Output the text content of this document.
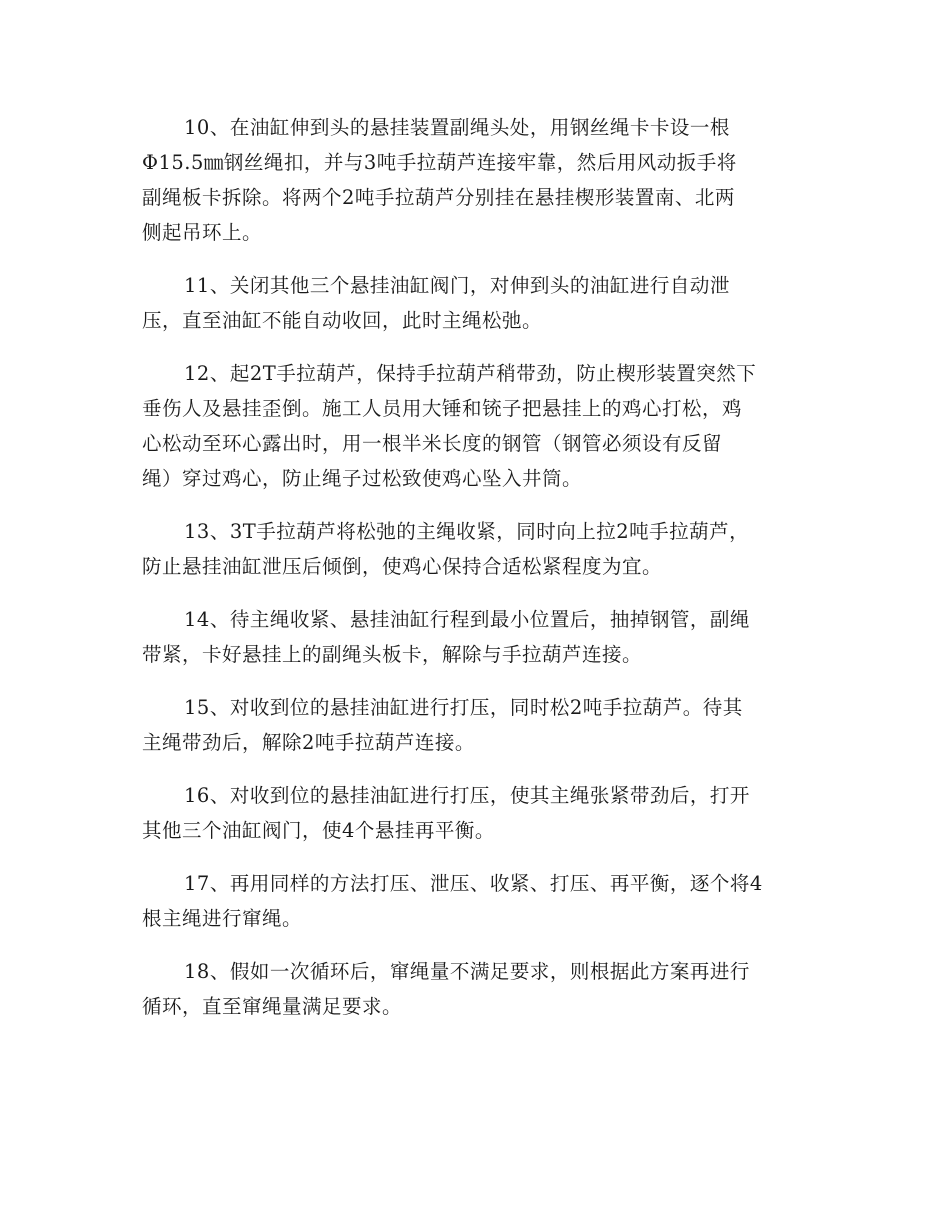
10、在油缸伸到头的悬挂装置副绳头处，用钢丝绳卡卡设一根
Φ15.5㎜钢丝绳扣，并与3吨手拉葫芦连接牢靠，然后用风动扳手将
副绳板卡拆除。将两个2吨手拉葫芦分别挂在悬挂楔形装置南、北两
侧起吊环上。

11、关闭其他三个悬挂油缸阀门，对伸到头的油缸进行自动泄
压，直至油缸不能自动收回，此时主绳松弛。

12、起2T手拉葫芦，保持手拉葫芦稍带劲，防止楔形装置突然下
垂伤人及悬挂歪倒。施工人员用大锤和铳子把悬挂上的鸡心打松，鸡
心松动至环心露出时，用一根半米长度的钢管（钢管必须设有反留
绳）穿过鸡心，防止绳子过松致使鸡心坠入井筒。

13、3T手拉葫芦将松弛的主绳收紧，同时向上拉2吨手拉葫芦，
防止悬挂油缸泄压后倾倒，使鸡心保持合适松紧程度为宜。

14、待主绳收紧、悬挂油缸行程到最小位置后，抽掉钢管，副绳
带紧，卡好悬挂上的副绳头板卡，解除与手拉葫芦连接。

15、对收到位的悬挂油缸进行打压，同时松2吨手拉葫芦。待其
主绳带劲后，解除2吨手拉葫芦连接。

16、对收到位的悬挂油缸进行打压，使其主绳张紧带劲后，打开
其他三个油缸阀门，使4个悬挂再平衡。

17、再用同样的方法打压、泄压、收紧、打压、再平衡，逐个将4
根主绳进行窜绳。

18、假如一次循环后，窜绳量不满足要求，则根据此方案再进行
循环，直至窜绳量满足要求。
